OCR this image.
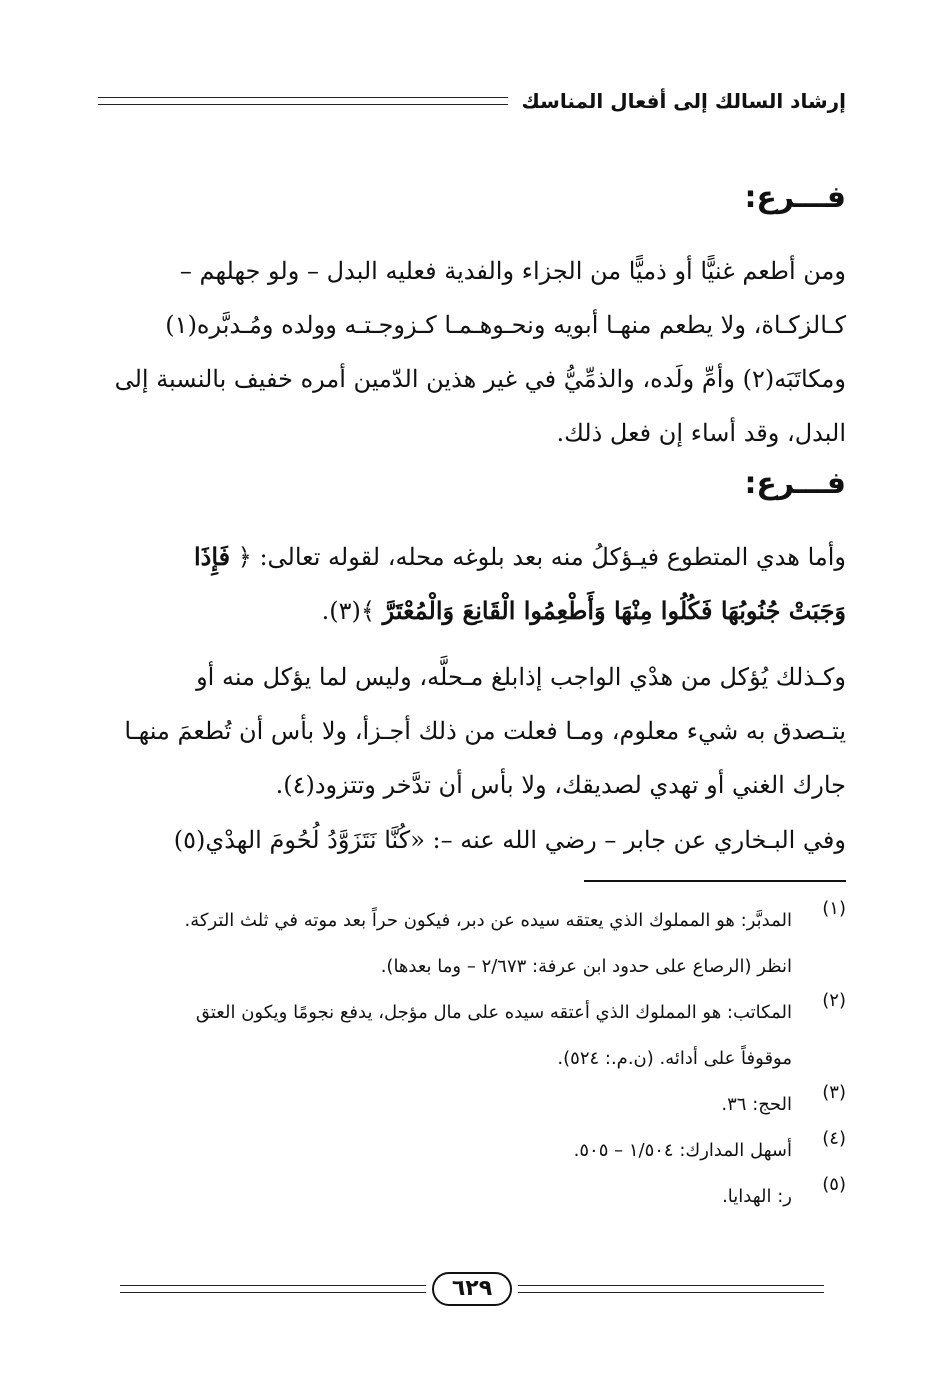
إرشاد السالك إلى أفعال المناسك
فـــرع:
ومن أطعم غنيًّا أو ذميًّا من الجزاء والفدية فعليه البدل – ولو جهلهم –
كـالزكـاة، ولا يطعم منهـا أبويه ونحـوهـمـا كـزوجـتـه وولده ومُـدبَّره(١)
ومكاتَبَه(٢) وأمِّ ولَده، والذمِّيُّ في غير هذين الدّمين أمره خفيف بالنسبة إلى
البدل، وقد أساء إن فعل ذلك.
فـــرع:
وأما هدي المتطوع فيـؤكلُ منه بعد بلوغه محله، لقوله تعالى: ﴿ فَإِذَا
وَجَبَتْ جُنُوبُهَا فَكُلُوا مِنْهَا وَأَطْعِمُوا الْقَانِعَ وَالْمُعْتَرَّ ﴾(٣).
وكـذلك يُؤكل من هدْي الواجب إذابلغ مـحلَّه، وليس لما يؤكل منه أو
يتـصدق به شيء معلوم، ومـا فعلت من ذلك أجـزأ، ولا بأس أن تُطعمَ منهـا
جارك الغني أو تهدي لصديقك، ولا بأس أن تدَّخر وتتزود(٤).
وفي البـخاري عن جابر – رضي الله عنه –: «كُنَّا نَتَزَوَّدُ لُحُومَ الهدْي(٥)
(١)
المدبَّر: هو المملوك الذي يعتقه سيده عن دبر، فيكون حراً بعد موته في ثلث التركة.
انظر (الرصاع على حدود ابن عرفة: ٢/٦٧٣ – وما بعدها).
(٢)
المكاتب: هو المملوك الذي أعتقه سيده على مال مؤجل، يدفع نجومًا ويكون العتق
موقوفاً على أدائه. (ن.م.: ٥٢٤).
(٣)
الحج: ٣٦.
(٤)
أسهل المدارك: ١/٥٠٤ – ٥٠٥.
(٥)
ر: الهدايا.
٦٢٩
